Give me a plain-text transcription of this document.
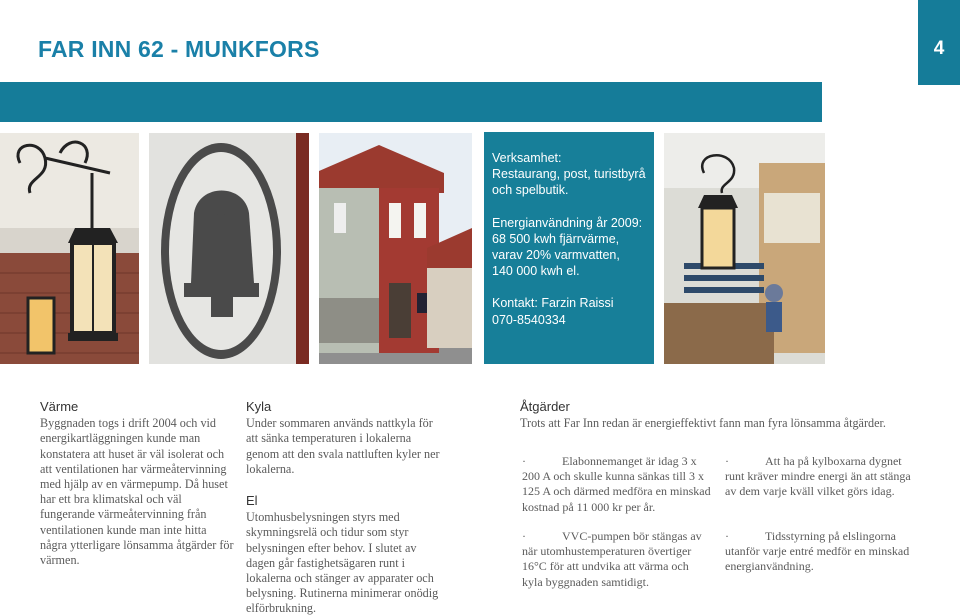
FAR INN 62 - MUNKFORS	4

Verksamhet:
Restaurang, post, turistbyrå och spelbutik.

Energianvändning år 2009:
68 500 kwh fjärrvärme,
varav 20% varmvatten,
140 000 kwh el.

Kontakt: Farzin Raissi
070-8540334

Värme

Byggnaden togs i drift 2004 och vid energikartläggningen kunde man konstatera att huset är väl isolerat och att ventilationen har värmeåtervinning med hjälp av en värmepump. Då huset har ett bra klimatskal och väl fungerande värmeåtervinning från ventilationen kunde man inte hitta några ytterligare lönsamma åtgärder för värmen.

Kyla

Under sommaren används nattkyla för att sänka temperaturen i lokalerna genom att den svala nattluften kyler ner lokalerna.

El

Utomhusbelysningen styrs med skymningsrelä och tidur som styr belysningen efter behov. I slutet av dagen går fastighetsägaren runt i lokalerna och stänger av apparater och belysning. Rutinerna minimerar onödig elförbrukning.

Åtgärder

Trots att Far Inn redan är energieffektivt fann man fyra lönsamma åtgärder.

·	Elabonnemanget är idag 3 x 200 A och skulle kunna sänkas till 3 x 125 A och därmed medföra en minskad kostnad på 11 000 kr per år.
·	VVC-pumpen bör stängas av när utomhustemperaturen övertiger 16°C för att undvika att värma och kyla byggnaden samtidigt.
·	Att ha på kylboxarna dygnet runt kräver mindre energi än att stänga av dem varje kväll vilket görs idag.
·	Tidsstyrning på elslingorna utanför varje entré medför en minskad energianvändning.
